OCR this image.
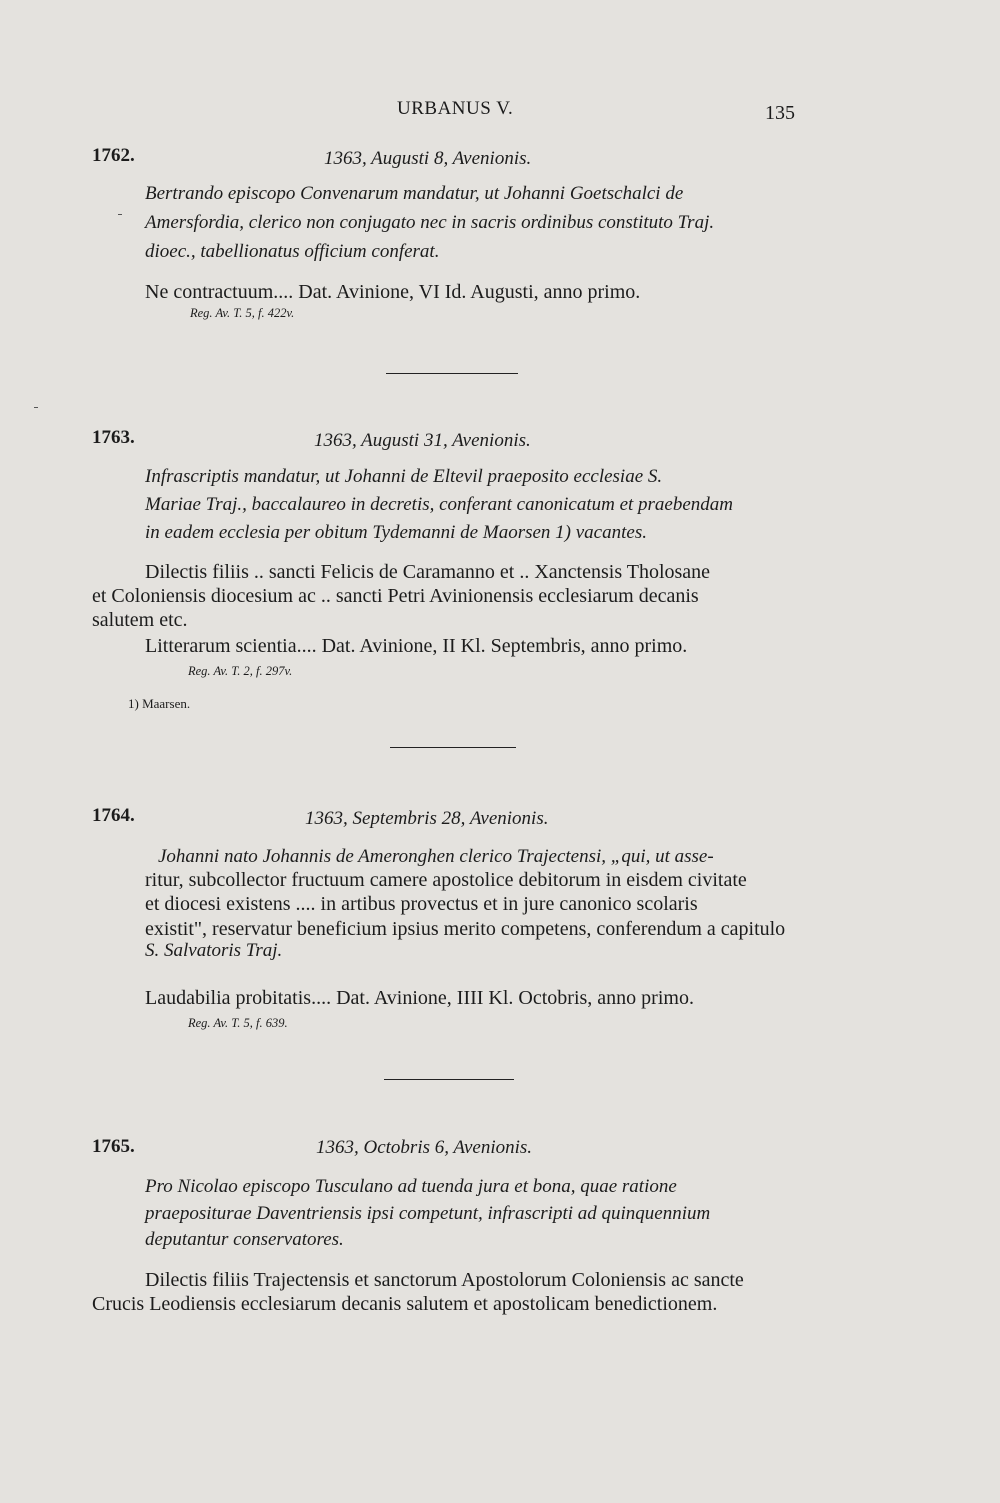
URBANUS V.	135
1762.	1363, Augusti 8, Avenionis.
Bertrando episcopo Convenarum mandatur, ut Johanni Goetschalci de
Amersfordia, clerico non conjugato nec in sacris ordinibus constituto Traj.
dioec., tabellionatus officium conferat.
Ne contractuum.... Dat. Avinione, VI Id. Augusti, anno primo.
Reg. Av. T. 5, f. 422v.
1763.	1363, Augusti 31, Avenionis.
Infrascriptis mandatur, ut Johanni de Eltevil praeposito ecclesiae S.
Mariae Traj., baccalaureo in decretis, conferant canonicatum et praebendam
in eadem ecclesia per obitum Tydemanni de Maorsen 1) vacantes.
Dilectis filiis .. sancti Felicis de Caramanno et .. Xanctensis Tholosane
et Coloniensis diocesium ac .. sancti Petri Avinionensis ecclesiarum decanis
salutem etc.
Litterarum scientia.... Dat. Avinione, II Kl. Septembris, anno primo.
Reg. Av. T. 2, f. 297v.
1) Maarsen.
1764.	1363, Septembris 28, Avenionis.
Johanni nato Johannis de Ameronghen clerico Trajectensi, „qui, ut asse-
ritur, subcollector fructuum camere apostolice debitorum in eisdem civitate
et diocesi existens .... in artibus provectus et in jure canonico scolaris
existit", reservatur beneficium ipsius merito competens, conferendum a capitulo
S. Salvatoris Traj.
Laudabilia probitatis.... Dat. Avinione, IIII Kl. Octobris, anno primo.
Reg. Av. T. 5, f. 639.
1765.	1363, Octobris 6, Avenionis.
Pro Nicolao episcopo Tusculano ad tuenda jura et bona, quae ratione
praepositurae Daventriensis ipsi competunt, infrascripti ad quinquennium
deputantur conservatores.
Dilectis filiis Trajectensis et sanctorum Apostolorum Coloniensis ac sancte
Crucis Leodiensis ecclesiarum decanis salutem et apostolicam benedictionem.
